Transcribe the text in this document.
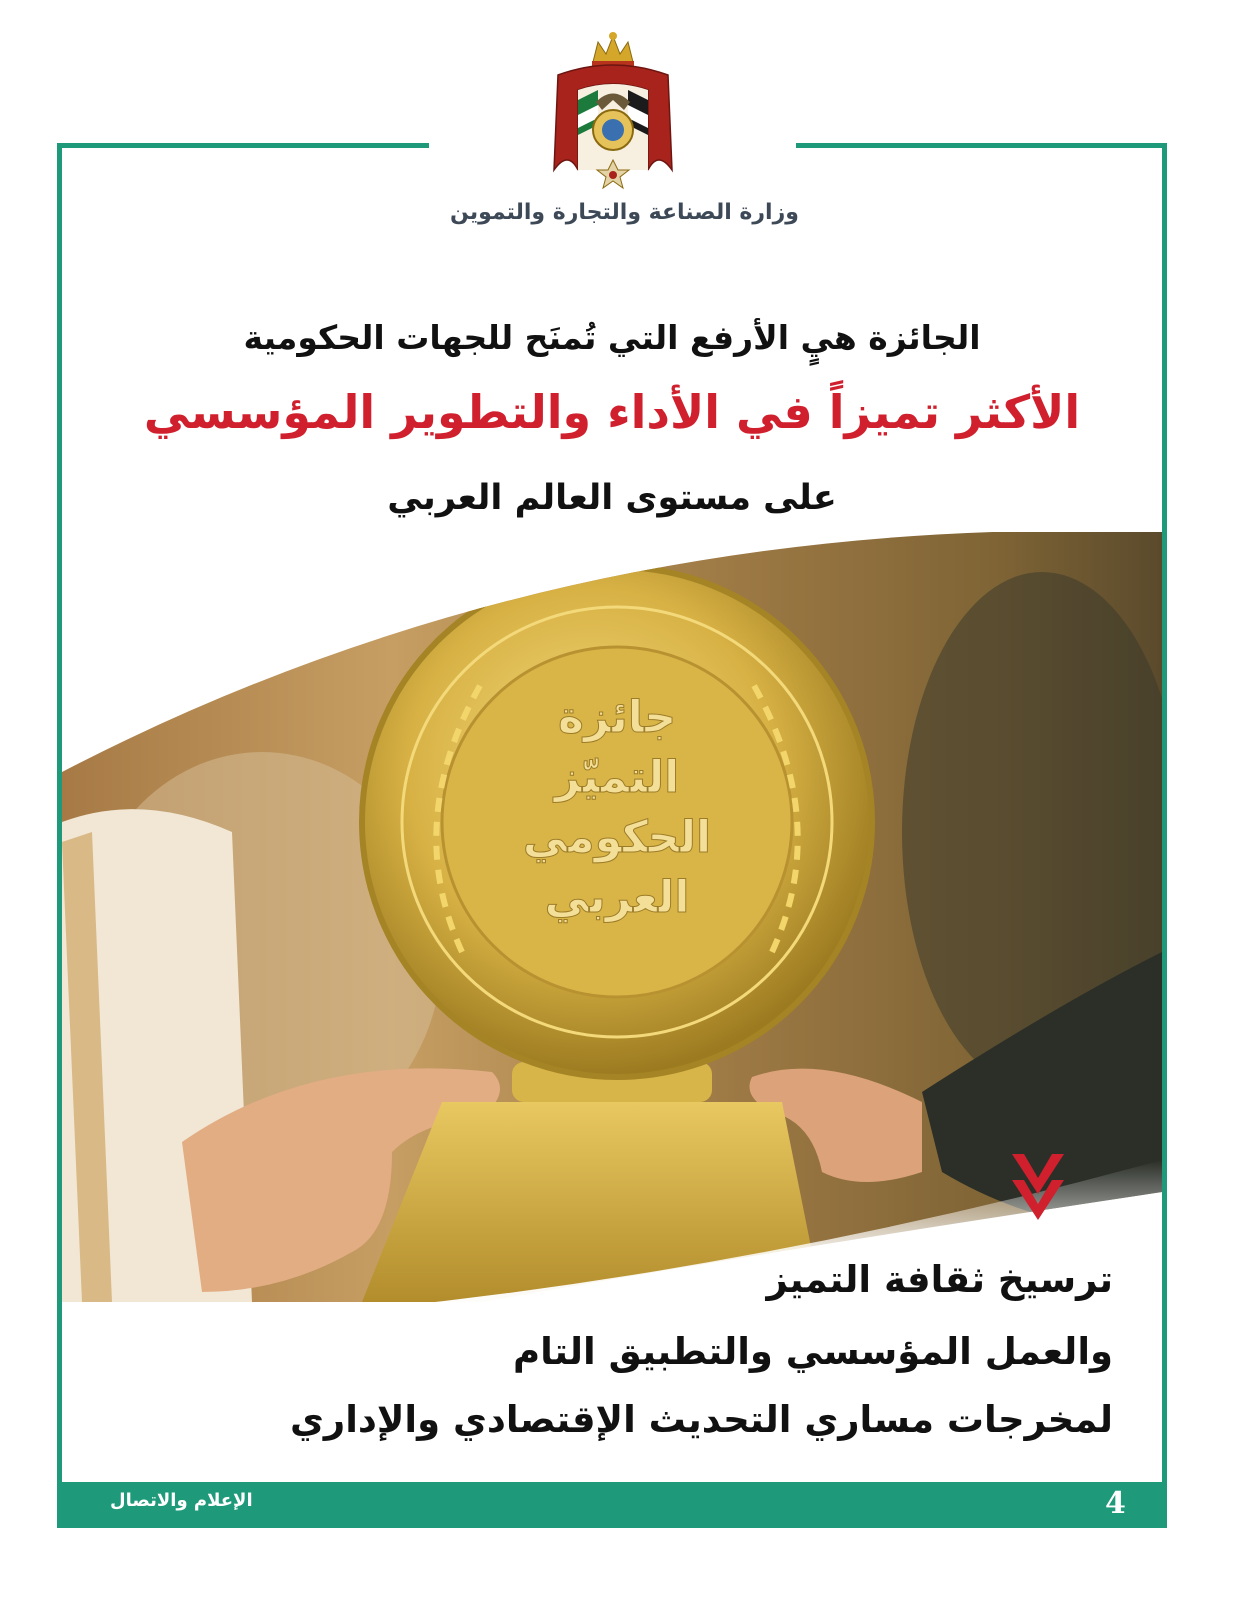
وزارة الصناعة والتجارة والتموين
الجائزة هيٍ الأرفع التي تُمنَح للجهات الحكومية
الأكثر تميزاً في الأداء والتطوير المؤسسي
على مستوى العالم العربي
جائزة
التميّز
الحكومي
العربي
ترسيخ ثقافة التميز
والعمل المؤسسي والتطبيق التام
لمخرجات مساري التحديث الإقتصادي والإداري
الإعلام والاتصال	4
